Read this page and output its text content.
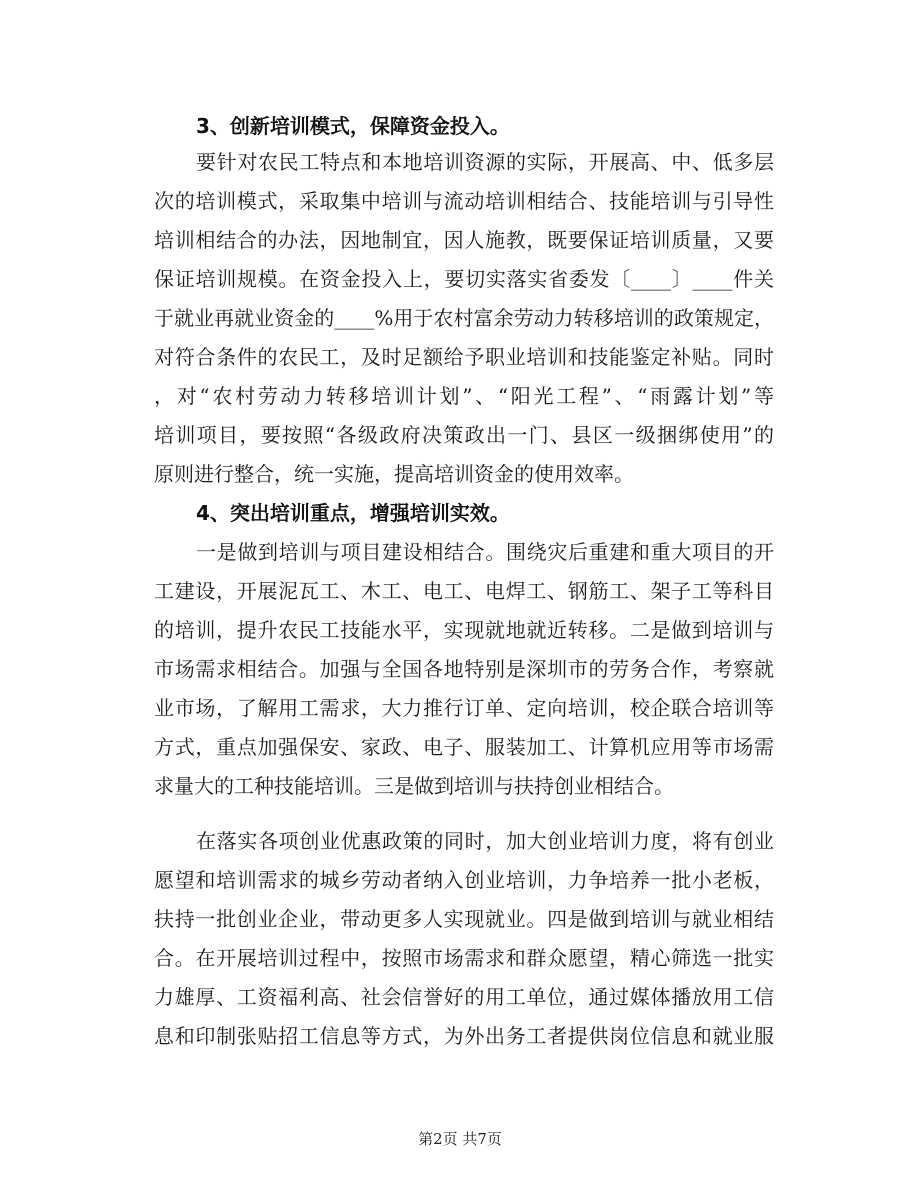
3、创新培训模式，保障资金投入。
要针对农民工特点和本地培训资源的实际，开展高、中、低多层
次的培训模式，采取集中培训与流动培训相结合、技能培训与引导性
培训相结合的办法，因地制宜，因人施教，既要保证培训质量，又要
保证培训规模。在资金投入上，要切实落实省委发〔____〕____件关
于就业再就业资金的____%用于农村富余劳动力转移培训的政策规定，
对符合条件的农民工，及时足额给予职业培训和技能鉴定补贴。同时
，对“农村劳动力转移培训计划”、“阳光工程”、“雨露计划”等
培训项目，要按照“各级政府决策政出一门、县区一级捆绑使用”的
原则进行整合，统一实施，提高培训资金的使用效率。
4、突出培训重点，增强培训实效。
一是做到培训与项目建设相结合。围绕灾后重建和重大项目的开
工建设，开展泥瓦工、木工、电工、电焊工、钢筋工、架子工等科目
的培训，提升农民工技能水平，实现就地就近转移。二是做到培训与
市场需求相结合。加强与全国各地特别是深圳市的劳务合作，考察就
业市场，了解用工需求，大力推行订单、定向培训，校企联合培训等
方式，重点加强保安、家政、电子、服装加工、计算机应用等市场需
求量大的工种技能培训。三是做到培训与扶持创业相结合。
在落实各项创业优惠政策的同时，加大创业培训力度，将有创业
愿望和培训需求的城乡劳动者纳入创业培训，力争培养一批小老板，
扶持一批创业企业，带动更多人实现就业。四是做到培训与就业相结
合。在开展培训过程中，按照市场需求和群众愿望，精心筛选一批实
力雄厚、工资福利高、社会信誉好的用工单位，通过媒体播放用工信
息和印制张贴招工信息等方式，为外出务工者提供岗位信息和就业服
第2页 共7页
